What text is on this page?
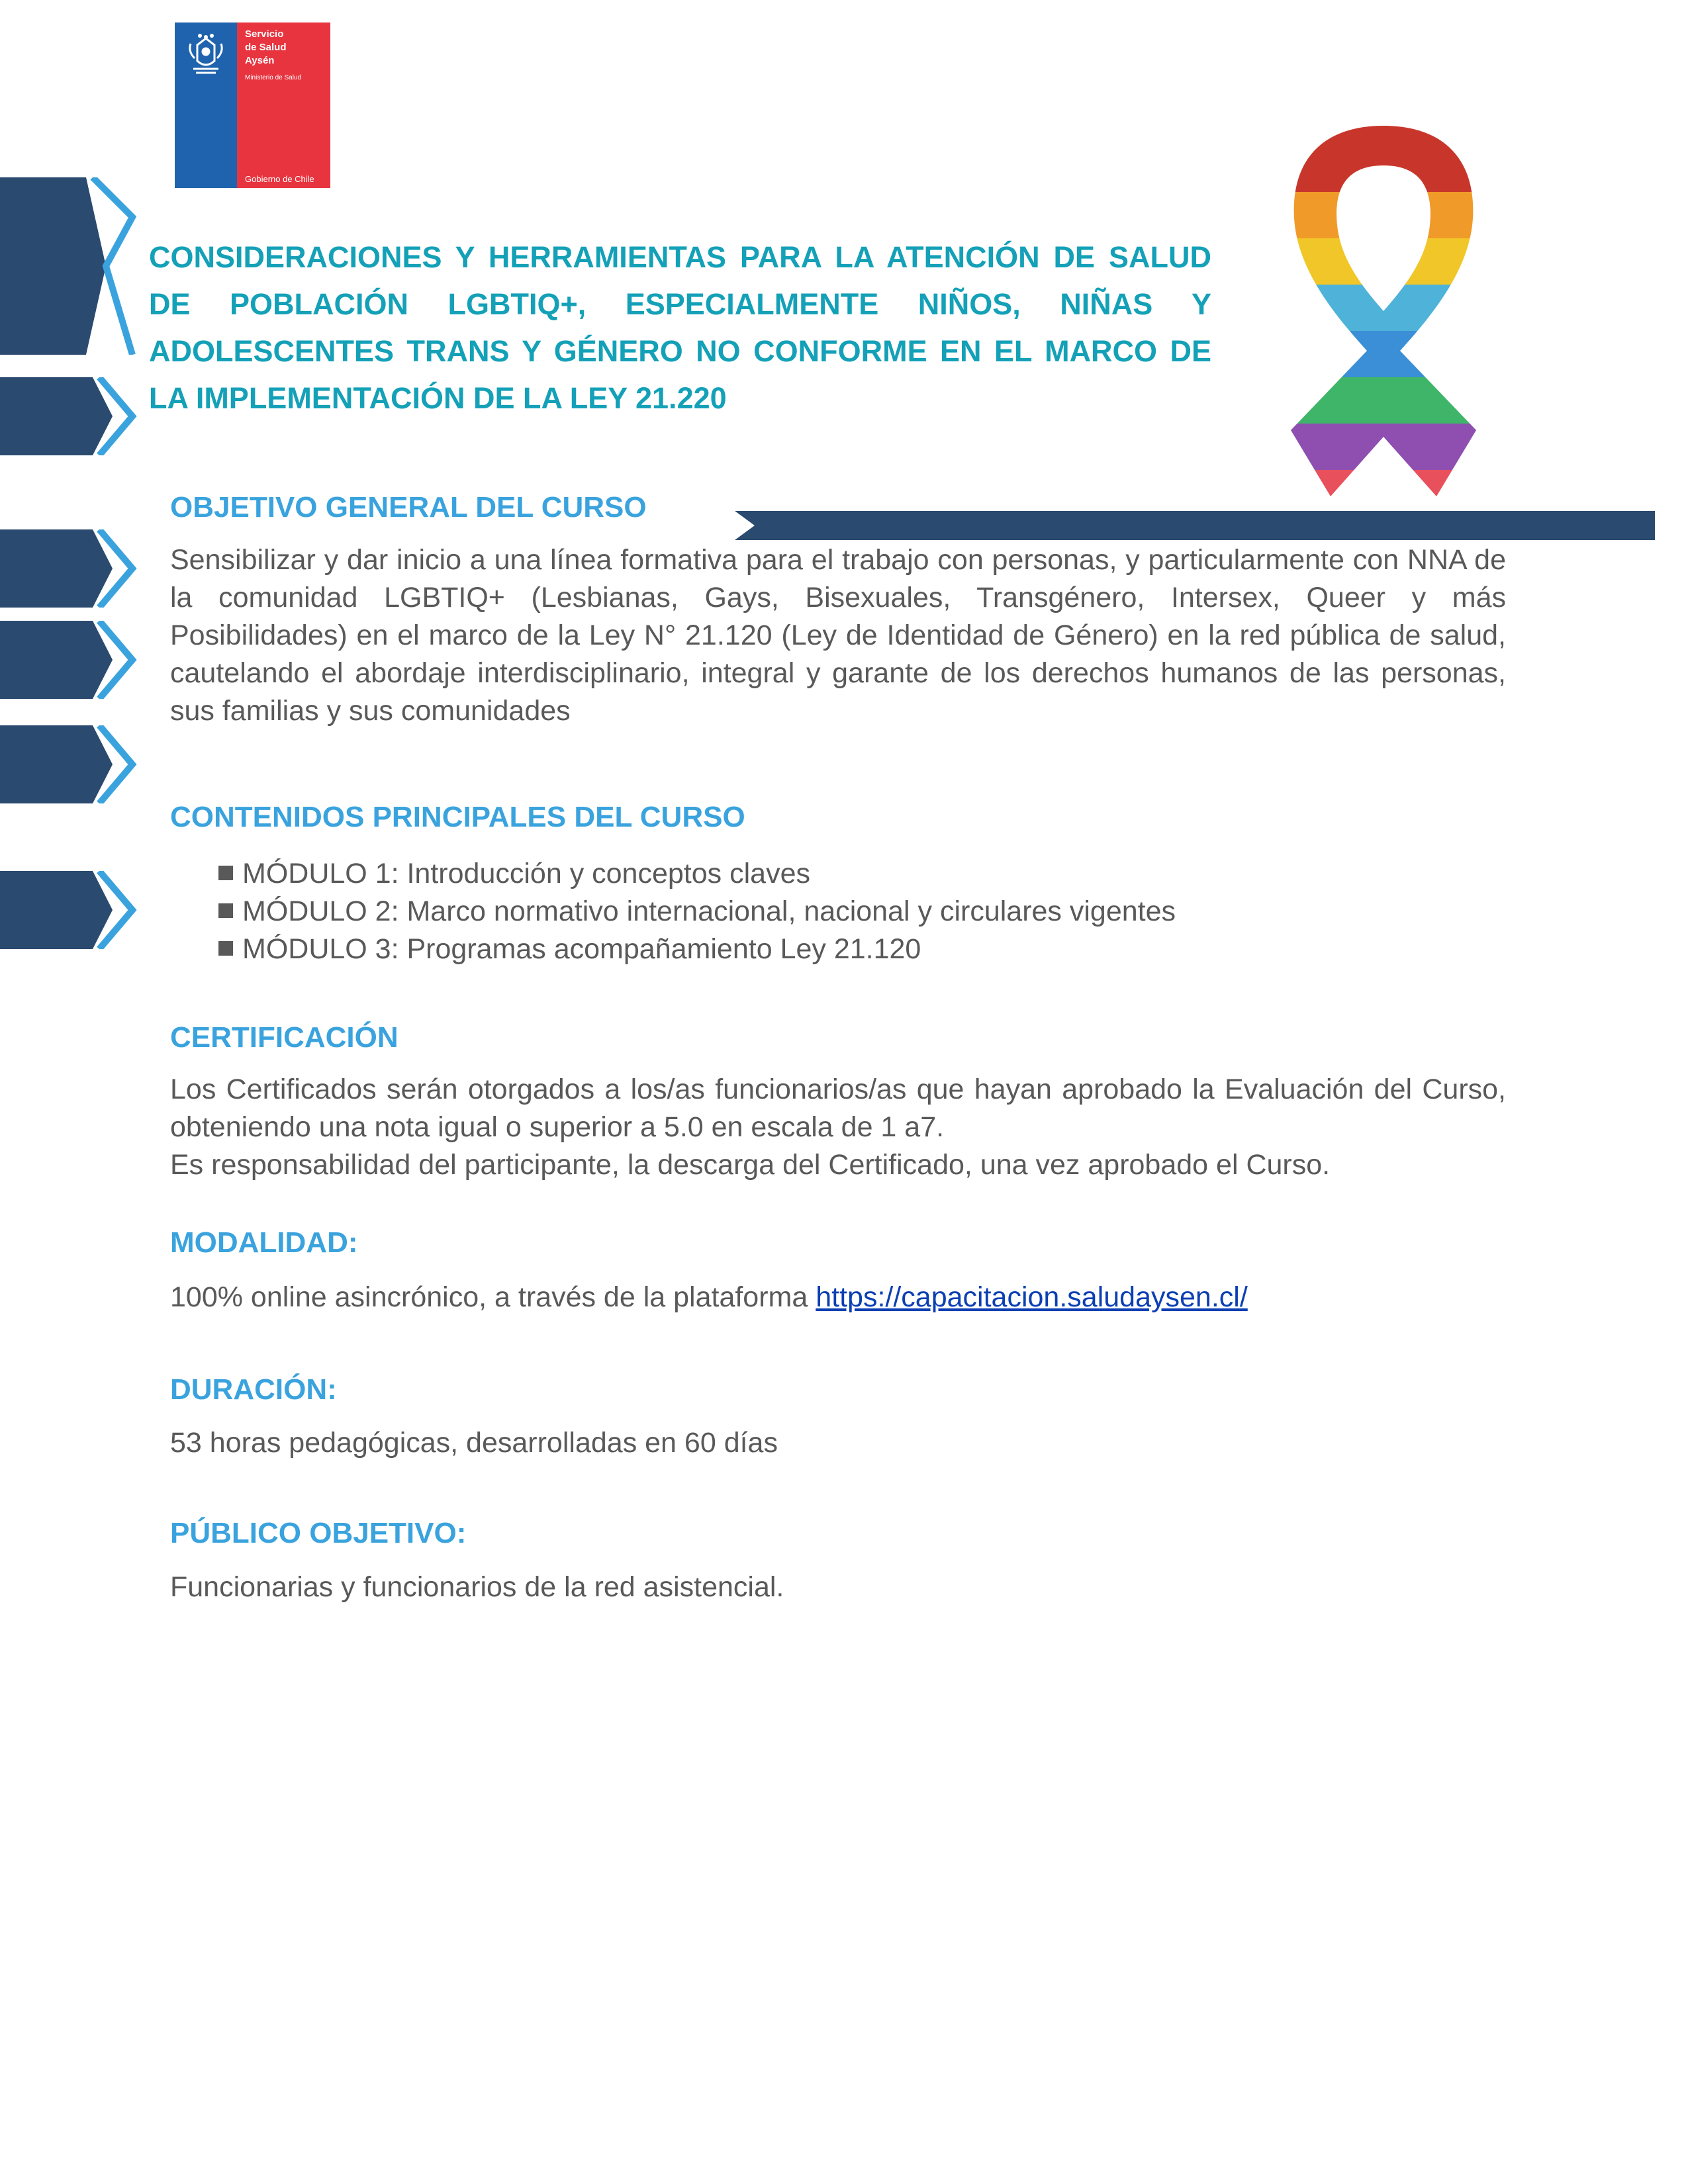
Servicio
de Salud
Aysén
Ministerio de Salud
Gobierno de Chile
CONSIDERACIONES Y HERRAMIENTAS PARA LA ATENCIÓN DE SALUD DE POBLACIÓN LGBTIQ+, ESPECIALMENTE NIÑOS, NIÑAS Y ADOLESCENTES TRANS Y GÉNERO NO CONFORME EN EL MARCO DE LA IMPLEMENTACIÓN DE LA LEY 21.220
OBJETIVO GENERAL DEL CURSO

Sensibilizar y dar inicio a una línea formativa para el trabajo con personas, y particularmente con NNA de la comunidad LGBTIQ+ (Lesbianas, Gays, Bisexuales, Transgénero, Intersex, Queer y más Posibilidades) en el marco de la Ley N° 21.120 (Ley de Identidad de Género) en la red pública de salud, cautelando el abordaje interdisciplinario, integral y garante de los derechos humanos de las personas, sus familias y sus comunidades

CONTENIDOS PRINCIPALES DEL CURSO
MÓDULO 1: Introducción y conceptos claves
MÓDULO 2: Marco normativo internacional, nacional y circulares vigentes
MÓDULO 3: Programas acompañamiento Ley 21.120
CERTIFICACIÓN

Los Certificados serán otorgados a los/as funcionarios/as que hayan aprobado la Evaluación del Curso, obteniendo una nota igual o superior a 5.0 en escala de 1 a7.

Es responsabilidad del participante, la descarga del Certificado, una vez aprobado el Curso.

MODALIDAD:

100% online asincrónico, a través de la plataforma https://capacitacion.saludaysen.cl/

DURACIÓN:

53 horas pedagógicas, desarrolladas en 60 días

PÚBLICO OBJETIVO:

Funcionarias y funcionarios de la red asistencial.
